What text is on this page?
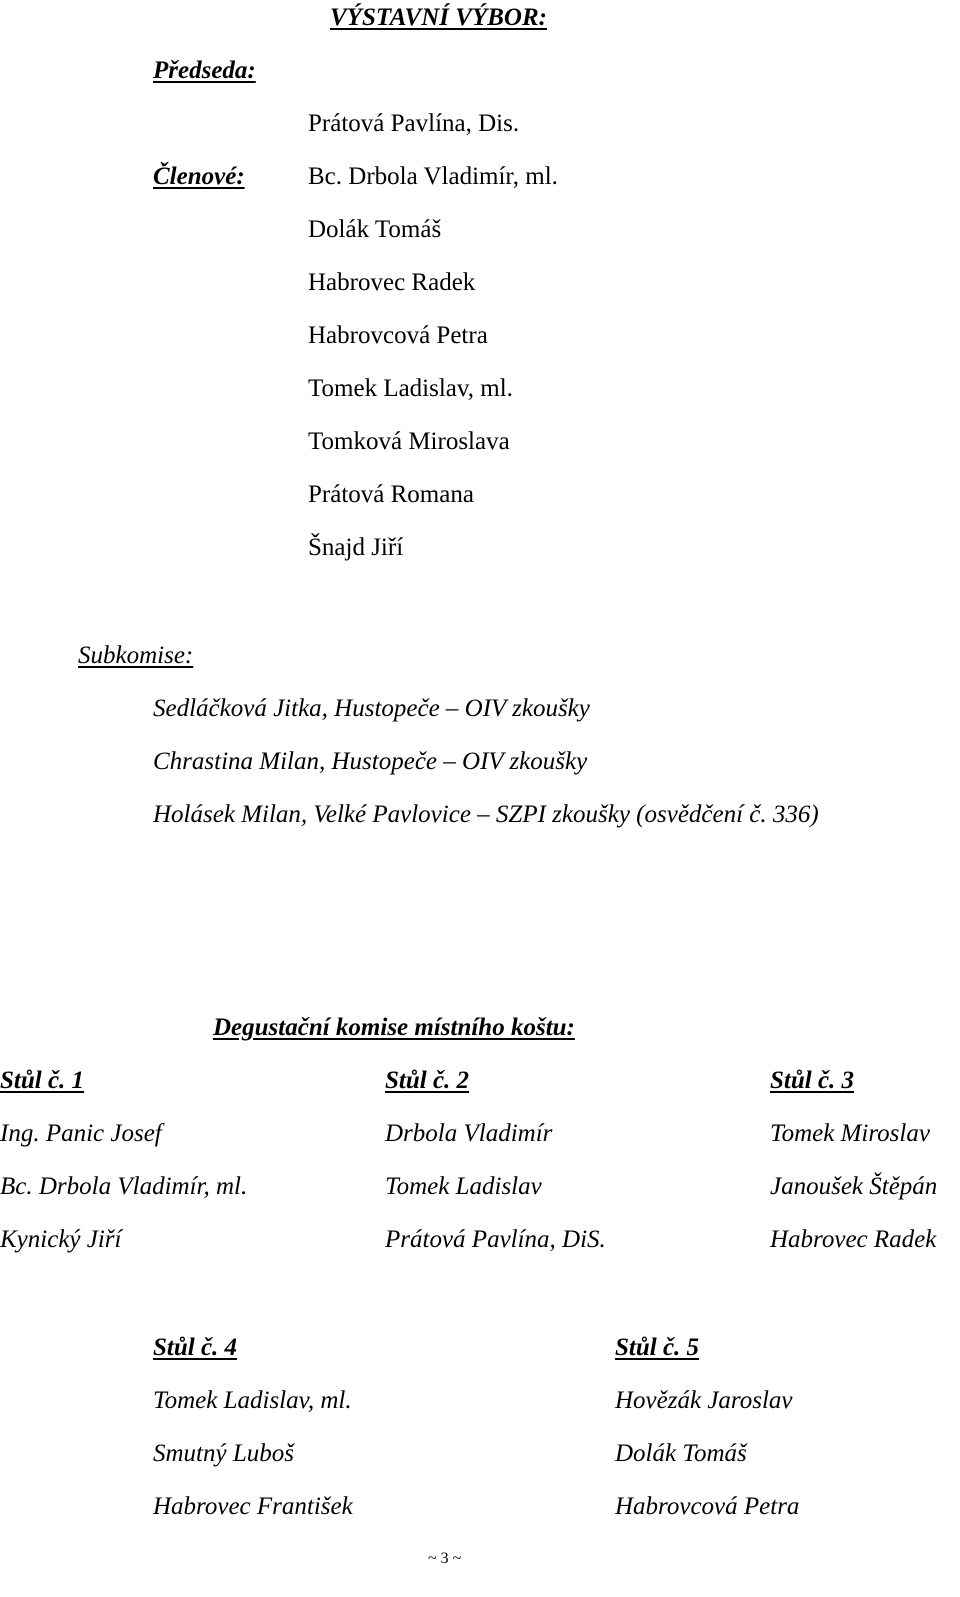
VÝSTAVNÍ VÝBOR:
Předseda:
Prátová Pavlína, Dis.
Členové:	Bc. Drbola Vladimír, ml.
Dolák Tomáš
Habrovec Radek
Habrovcová Petra
Tomek Ladislav, ml.
Tomková Miroslava
Prátová Romana
Šnajd Jiří
Subkomise:
Sedláčková Jitka, Hustopeče – OIV zkoušky
Chrastina Milan, Hustopeče – OIV zkoušky
Holásek Milan, Velké Pavlovice – SZPI zkoušky (osvědčení č. 336)
Degustační komise místního koštu:
Stůl č. 1
Ing. Panic Josef
Bc. Drbola Vladimír, ml.
Kynický Jiří
Stůl č. 2
Drbola Vladimír
Tomek Ladislav
Prátová Pavlína, DiS.
Stůl č. 3
Tomek Miroslav
Janoušek Štěpán
Habrovec Radek
Stůl č. 4
Tomek Ladislav, ml.
Smutný Luboš
Habrovec František
Stůl č. 5
Hovězák Jaroslav
Dolák Tomáš
Habrovcová Petra
~ 3 ~
